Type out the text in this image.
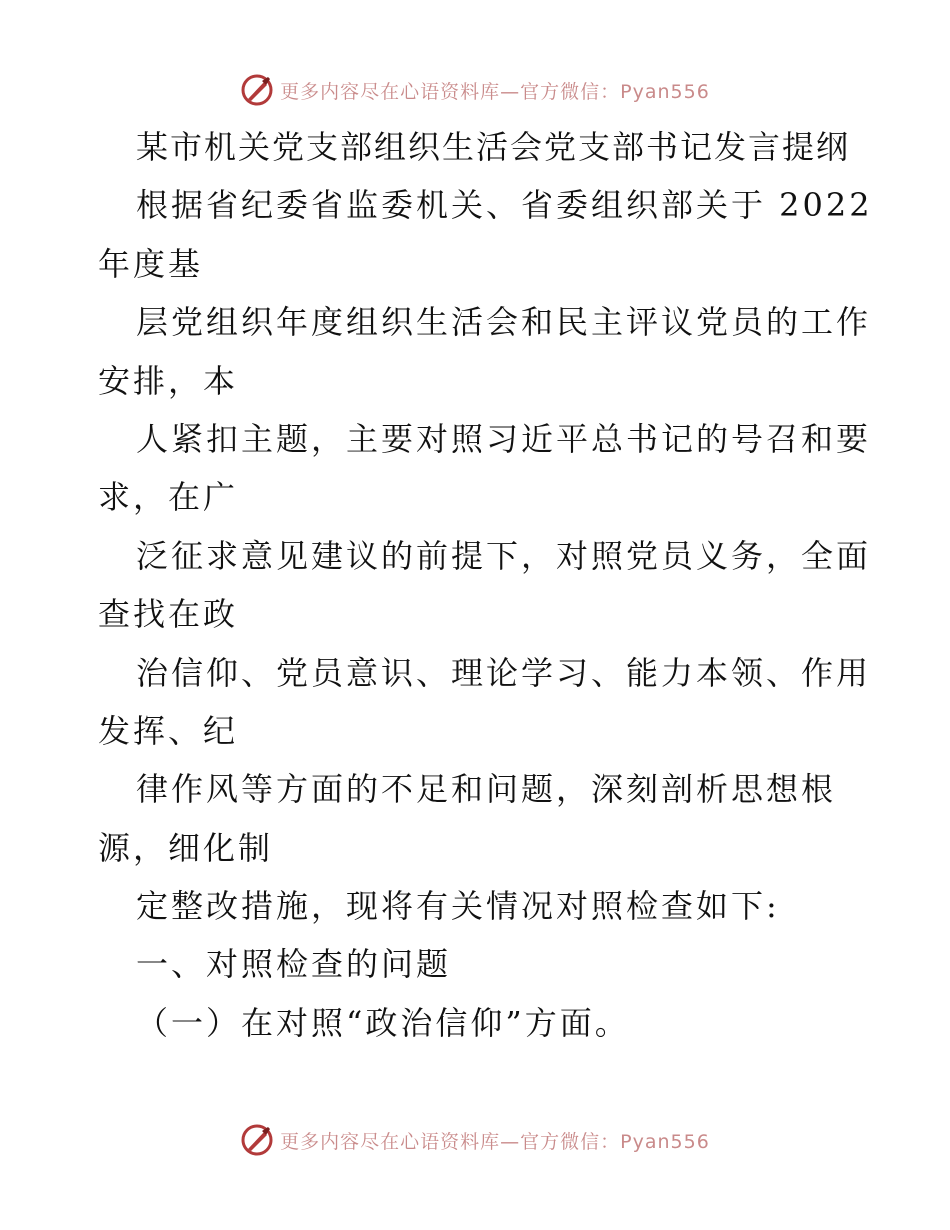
更多内容尽在心语资料库—官方微信：Pyan556
某市机关党支部组织生活会党支部书记发言提纲
根据省纪委省监委机关、省委组织部关于 2022
年度基
层党组织年度组织生活会和民主评议党员的工作
安排，本
人紧扣主题，主要对照习近平总书记的号召和要
求，在广
泛征求意见建议的前提下，对照党员义务，全面
查找在政
治信仰、党员意识、理论学习、能力本领、作用
发挥、纪
律作风等方面的不足和问题，深刻剖析思想根
源，细化制
定整改措施，现将有关情况对照检查如下:
一、对照检查的问题
（一）在对照“政治信仰”方面。
更多内容尽在心语资料库—官方微信：Pyan556
